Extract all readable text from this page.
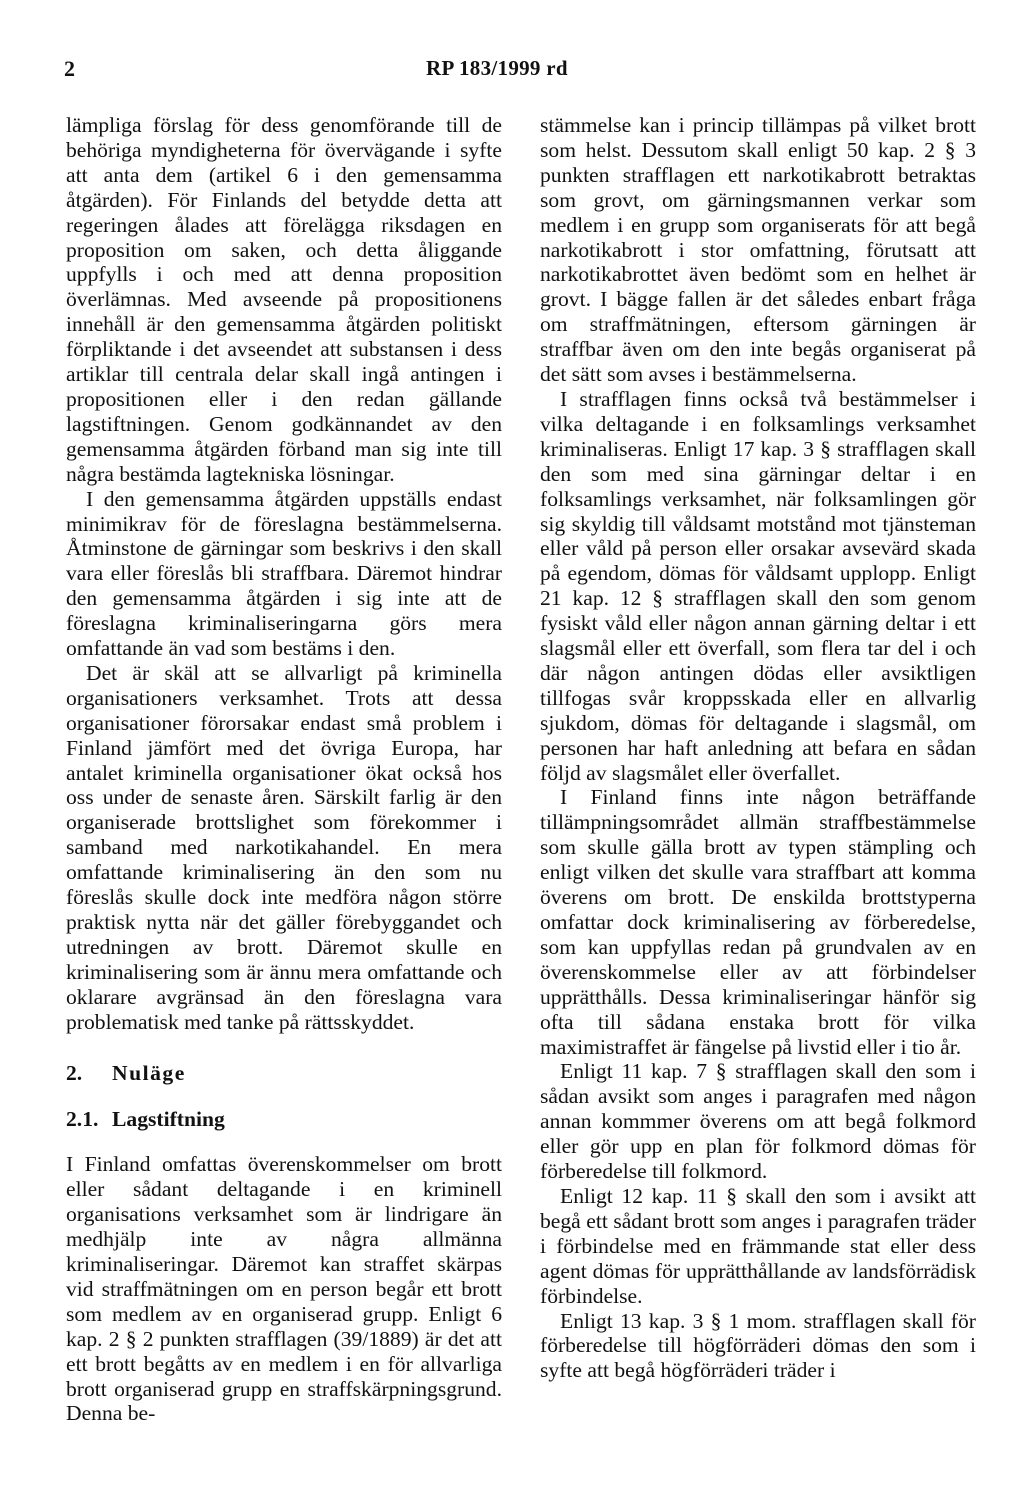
2	RP 183/1999 rd

lämpliga förslag för dess genomförande till de behöriga myndigheterna för övervägande i syfte att anta dem (artikel 6 i den gemensamma åtgärden). För Finlands del betydde detta att regeringen ålades att förelägga riksdagen en proposition om saken, och detta åliggande uppfylls i och med att denna proposition överlämnas. Med avseende på propositionens innehåll är den gemensamma åtgärden politiskt förpliktande i det avseendet att substansen i dess artiklar till centrala delar skall ingå antingen i propositionen eller i den redan gällande lagstiftningen. Genom godkännandet av den gemensamma åtgärden förband man sig inte till några bestämda lagtekniska lösningar.

I den gemensamma åtgärden uppställs endast minimikrav för de föreslagna bestämmelserna. Åtminstone de gärningar som beskrivs i den skall vara eller föreslås bli straffbara. Däremot hindrar den gemensamma åtgärden i sig inte att de föreslagna kriminaliseringarna görs mera omfattande än vad som bestäms i den.

Det är skäl att se allvarligt på kriminella organisationers verksamhet. Trots att dessa organisationer förorsakar endast små problem i Finland jämfört med det övriga Europa, har antalet kriminella organisationer ökat också hos oss under de senaste åren. Särskilt farlig är den organiserade brottslighet som förekommer i samband med narkotikahandel. En mera omfattande kriminalisering än den som nu föreslås skulle dock inte medföra någon större praktisk nytta när det gäller förebyggandet och utredningen av brott. Däremot skulle en kriminalisering som är ännu mera omfattande och oklarare avgränsad än den föreslagna vara problematisk med tanke på rättsskyddet.

2. Nuläge
2.1. Lagstiftning

I Finland omfattas överenskommelser om brott eller sådant deltagande i en kriminell organisations verksamhet som är lindrigare än medhjälp inte av några allmänna kriminaliseringar. Däremot kan straffet skärpas vid straffmätningen om en person begår ett brott som medlem av en organiserad grupp. Enligt 6 kap. 2 § 2 punkten strafflagen (39/1889) är det att ett brott begåtts av en medlem i en för allvarliga brott organiserad grupp en straffskärpningsgrund. Denna be-

stämmelse kan i princip tillämpas på vilket brott som helst. Dessutom skall enligt 50 kap. 2 § 3 punkten strafflagen ett narkotikabrott betraktas som grovt, om gärningsmannen verkar som medlem i en grupp som organiserats för att begå narkotikabrott i stor omfattning, förutsatt att narkotikabrottet även bedömt som en helhet är grovt. I bägge fallen är det således enbart fråga om straffmätningen, eftersom gärningen är straffbar även om den inte begås organiserat på det sätt som avses i bestämmelserna.

I strafflagen finns också två bestämmelser i vilka deltagande i en folksamlings verksamhet kriminaliseras. Enligt 17 kap. 3 § strafflagen skall den som med sina gärningar deltar i en folksamlings verksamhet, när folksamlingen gör sig skyldig till våldsamt motstånd mot tjänsteman eller våld på person eller orsakar avsevärd skada på egendom, dömas för våldsamt upplopp. Enligt 21 kap. 12 § strafflagen skall den som genom fysiskt våld eller någon annan gärning deltar i ett slagsmål eller ett överfall, som flera tar del i och där någon antingen dödas eller avsiktligen tillfogas svår kroppsskada eller en allvarlig sjukdom, dömas för deltagande i slagsmål, om personen har haft anledning att befara en sådan följd av slagsmålet eller överfallet.

I Finland finns inte någon beträffande tillämpningsområdet allmän straffbestämmelse som skulle gälla brott av typen stämpling och enligt vilken det skulle vara straffbart att komma överens om brott. De enskilda brottstyperna omfattar dock kriminalisering av förberedelse, som kan uppfyllas redan på grundvalen av en överenskommelse eller av att förbindelser upprätthålls. Dessa kriminaliseringar hänför sig ofta till sådana enstaka brott för vilka maximistraffet är fängelse på livstid eller i tio år.

Enligt 11 kap. 7 § strafflagen skall den som i sådan avsikt som anges i paragrafen med någon annan kommmer överens om att begå folkmord eller gör upp en plan för folkmord dömas för förberedelse till folkmord.

Enligt 12 kap. 11 § skall den som i avsikt att begå ett sådant brott som anges i paragrafen träder i förbindelse med en främmande stat eller dess agent dömas för upprätthållande av landsförrädisk förbindelse.

Enligt 13 kap. 3 § 1 mom. strafflagen skall för förberedelse till högförräderi dömas den som i syfte att begå högförräderi träder i
